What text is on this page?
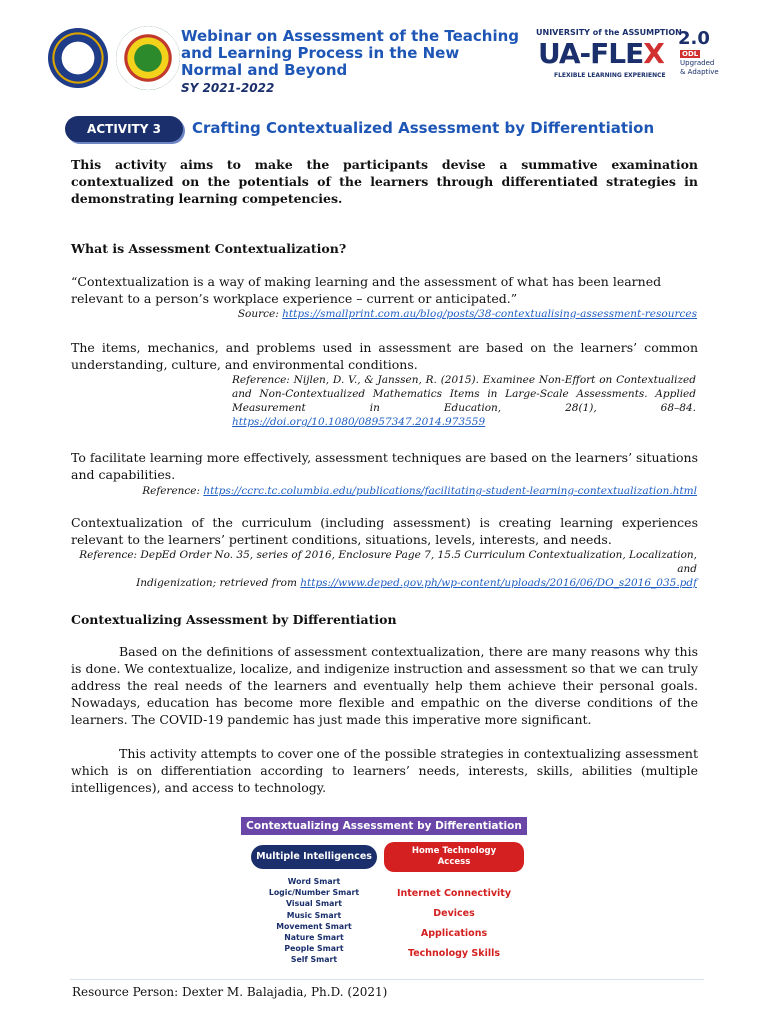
Webinar on Assessment of the Teaching and Learning Process in the New Normal and Beyond
SY 2021-2022
UNIVERSITY of the ASSUMPTION
UA-FLEX
FLEXIBLE LEARNING EXPERIENCE
2.0
ODL
Upgraded
& Adaptive
ACTIVITY 3	Crafting Contextualized Assessment by Differentiation
This activity aims to make the participants devise a summative examination contextualized on the potentials of the learners through differentiated strategies in demonstrating learning competencies.
What is Assessment Contextualization?
“Contextualization is a way of making learning and the assessment of what has been learned relevant to a person’s workplace experience – current or anticipated.”
Source: https://smallprint.com.au/blog/posts/38-contextualising-assessment-resources
The items, mechanics, and problems used in assessment are based on the learners’ common understanding, culture, and environmental conditions.
Reference: Nijlen, D. V., & Janssen, R. (2015). Examinee Non-Effort on Contextualized and Non-Contextualized Mathematics Items in Large-Scale Assessments. Applied Measurement in Education, 28(1), 68–84. https://doi.org/10.1080/08957347.2014.973559
To facilitate learning more effectively, assessment techniques are based on the learners’ situations and capabilities.
Reference: https://ccrc.tc.columbia.edu/publications/facilitating-student-learning-contextualization.html
Contextualization of the curriculum (including assessment) is creating learning experiences relevant to the learners’ pertinent conditions, situations, levels, interests, and needs.
Reference: DepEd Order No. 35, series of 2016, Enclosure Page 7, 15.5 Curriculum Contextualization, Localization, and
Indigenization; retrieved from https://www.deped.gov.ph/wp-content/uploads/2016/06/DO_s2016_035.pdf
Contextualizing Assessment by Differentiation
Based on the definitions of assessment contextualization, there are many reasons why this is done. We contextualize, localize, and indigenize instruction and assessment so that we can truly address the real needs of the learners and eventually help them achieve their personal goals. Nowadays, education has become more flexible and empathic on the diverse conditions of the learners. The COVID-19 pandemic has just made this imperative more significant.
This activity attempts to cover one of the possible strategies in contextualizing assessment which is on differentiation according to learners’ needs, interests, skills, abilities (multiple intelligences), and access to technology.
Contextualizing Assessment by Differentiation
Multiple Intelligences	Home Technology
Access
Word Smart
Logic/Number Smart
Visual Smart
Music Smart
Movement Smart
Nature Smart
People Smart
Self Smart
Internet Connectivity
Devices
Applications
Technology Skills
Resource Person: Dexter M. Balajadia, Ph.D. (2021)
